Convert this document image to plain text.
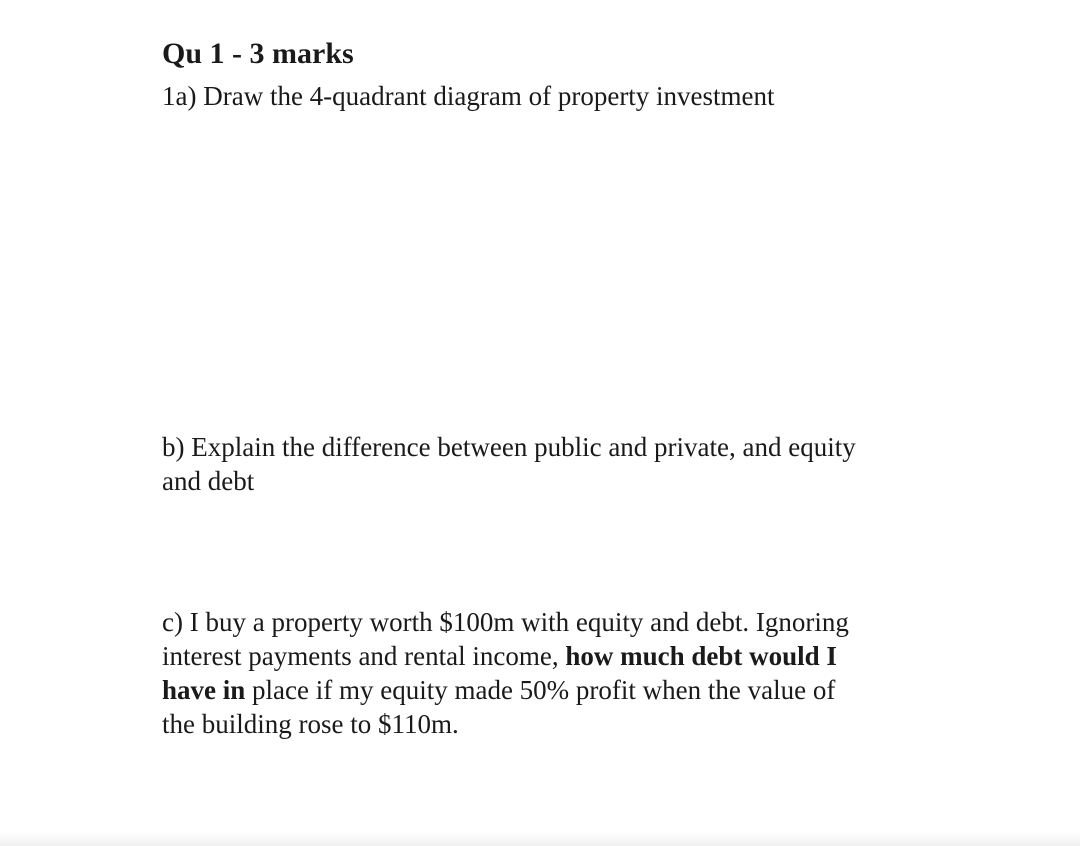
Qu 1 - 3 marks

1a) Draw the 4-quadrant diagram of property investment

b) Explain the difference between public and private, and equity and debt

c) I buy a property worth $100m with equity and debt. Ignoring interest payments and rental income, how much debt would I have in place if my equity made 50% profit when the value of the building rose to $110m.
